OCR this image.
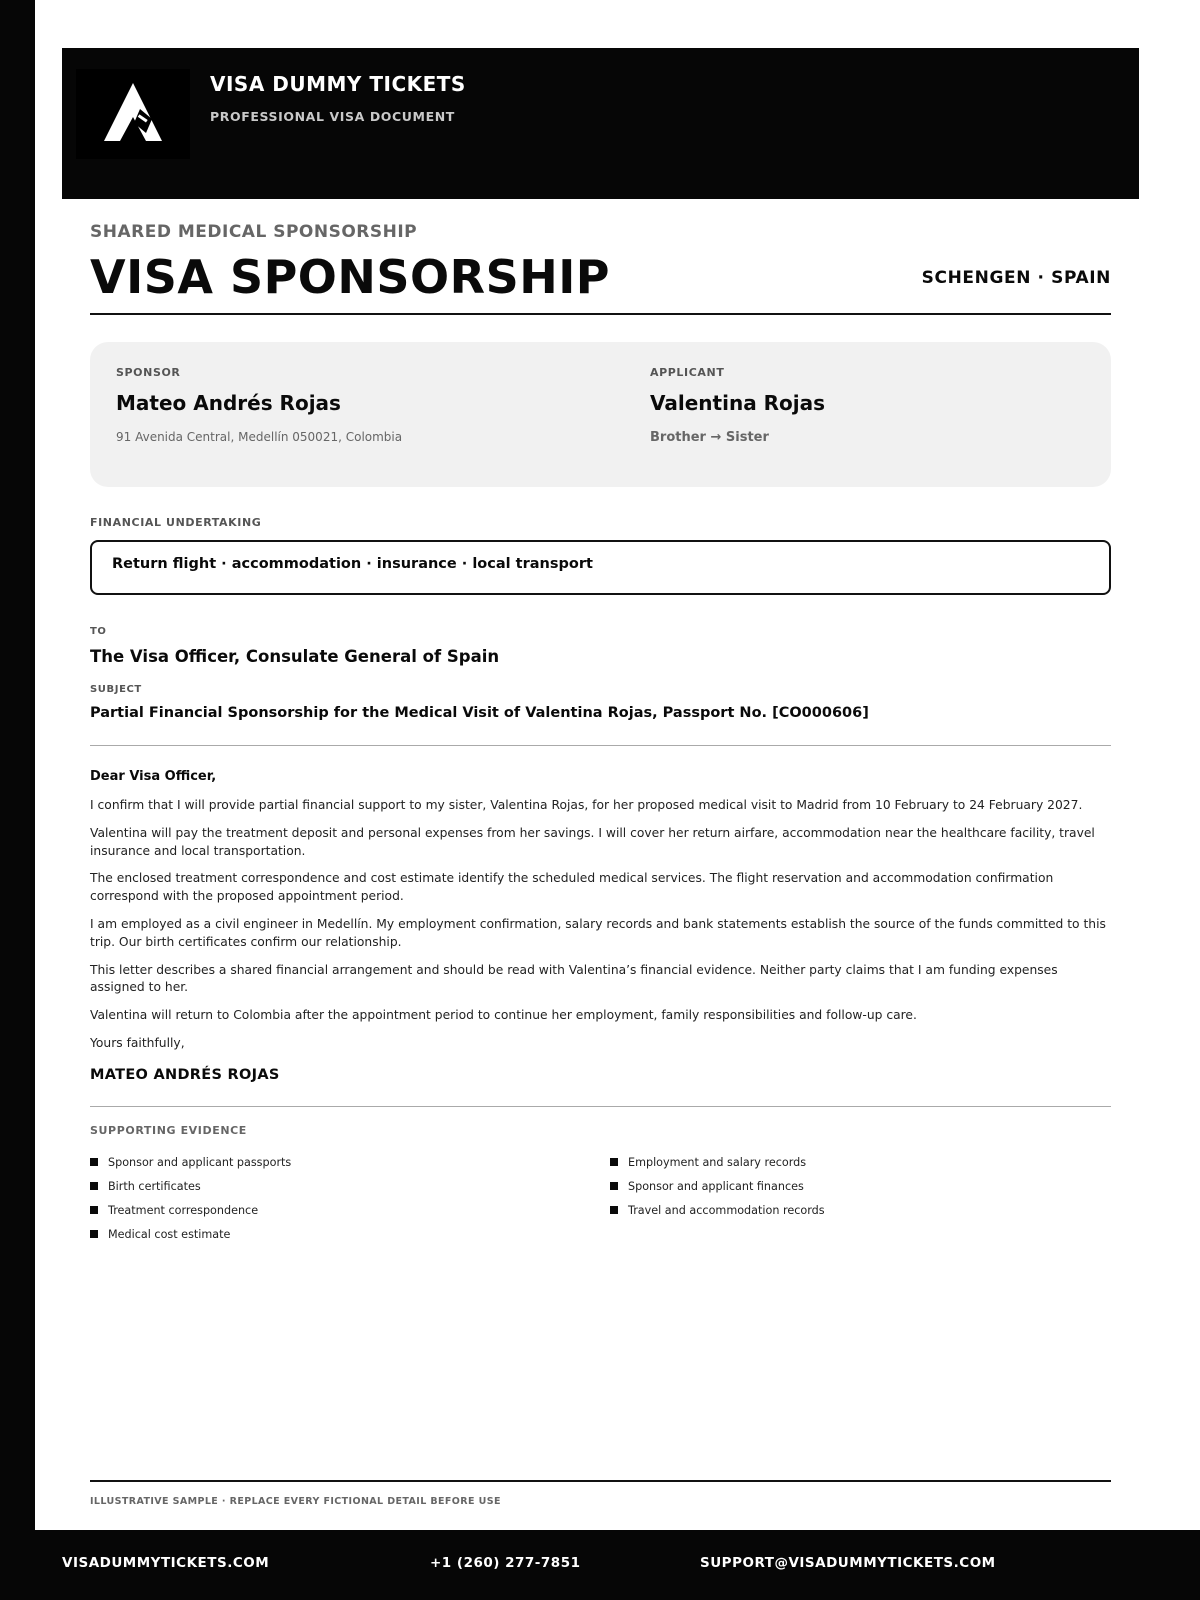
VISA DUMMY TICKETS
PROFESSIONAL VISA DOCUMENT
SHARED MEDICAL SPONSORSHIP
VISA SPONSORSHIP	SCHENGEN · SPAIN
SPONSOR
Mateo Andrés Rojas
91 Avenida Central, Medellín 050021, Colombia
APPLICANT
Valentina Rojas
Brother → Sister
FINANCIAL UNDERTAKING
Return flight · accommodation · insurance · local transport
TO
The Visa Officer, Consulate General of Spain
SUBJECT
Partial Financial Sponsorship for the Medical Visit of Valentina Rojas, Passport No. [CO000606]
Dear Visa Officer,

I confirm that I will provide partial financial support to my sister, Valentina Rojas, for her proposed medical visit to Madrid from 10 February to 24 February 2027.

Valentina will pay the treatment deposit and personal expenses from her savings. I will cover her return airfare, accommodation near the healthcare facility, travel insurance and local transportation.

The enclosed treatment correspondence and cost estimate identify the scheduled medical services. The flight reservation and accommodation confirmation correspond with the proposed appointment period.

I am employed as a civil engineer in Medellín. My employment confirmation, salary records and bank statements establish the source of the funds committed to this trip. Our birth certificates confirm our relationship.

This letter describes a shared financial arrangement and should be read with Valentina’s financial evidence. Neither party claims that I am funding expenses assigned to her.

Valentina will return to Colombia after the appointment period to continue her employment, family responsibilities and follow-up care.

Yours faithfully,
MATEO ANDRÉS ROJAS
SUPPORTING EVIDENCE
Sponsor and applicant passports
Birth certificates
Treatment correspondence
Medical cost estimate
Employment and salary records
Sponsor and applicant finances
Travel and accommodation records
ILLUSTRATIVE SAMPLE · REPLACE EVERY FICTIONAL DETAIL BEFORE USE
VISADUMMYTICKETS.COM	+1 (260) 277-7851	SUPPORT@VISADUMMYTICKETS.COM
